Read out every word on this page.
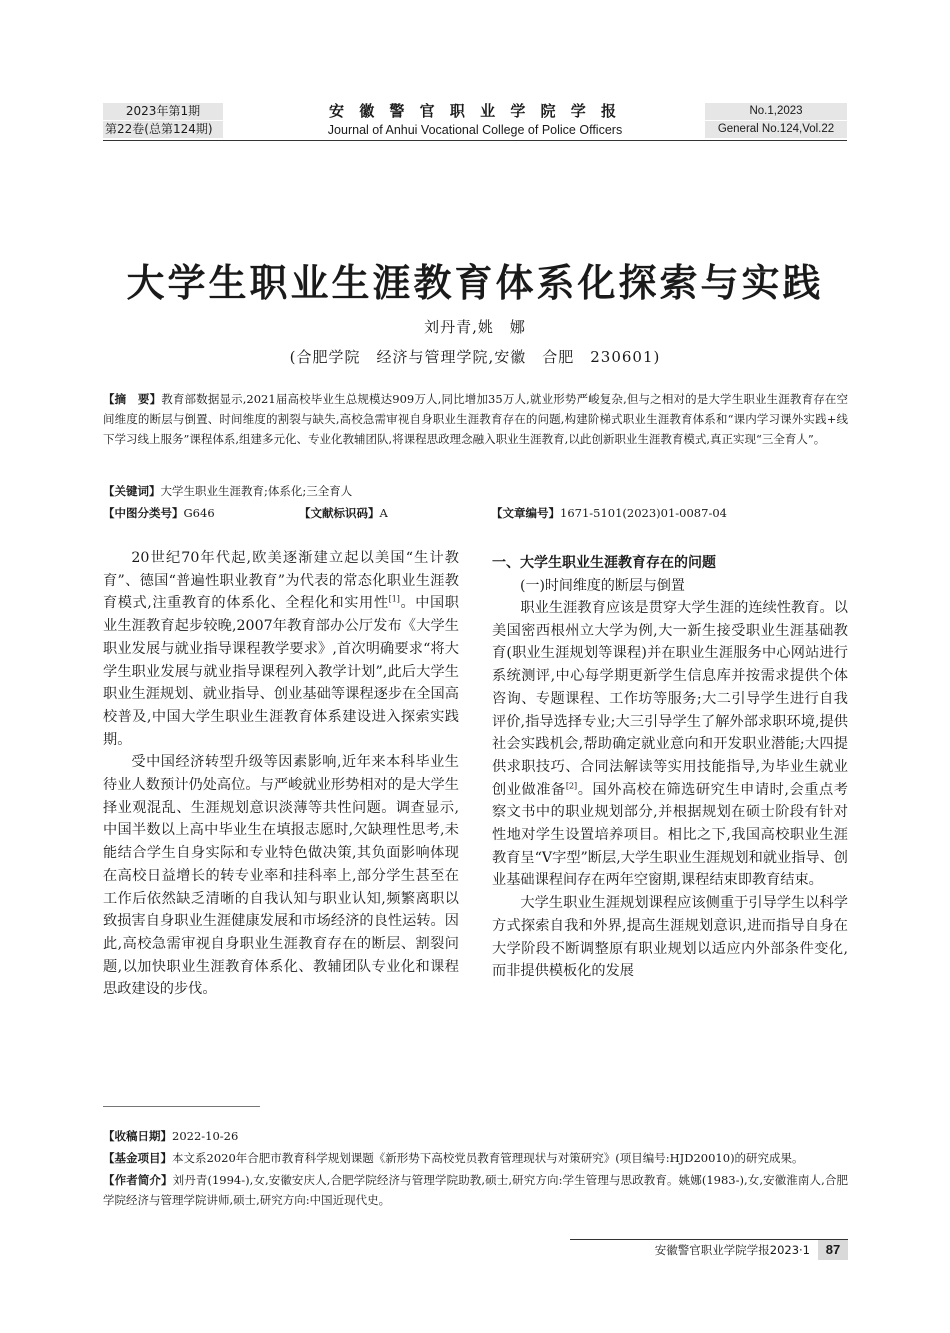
2023年第1期
第22卷(总第124期)
安 徽 警 官 职 业 学 院 学 报
Journal of Anhui Vocational College of Police Officers
No.1,2023
General No.124,Vol.22
大学生职业生涯教育体系化探索与实践
刘丹青,姚　娜
(合肥学院　经济与管理学院,安徽　合肥　230601)
【摘　要】教育部数据显示,2021届高校毕业生总规模达909万人,同比增加35万人,就业形势严峻复杂,但与之相对的是大学生职业生涯教育存在空间维度的断层与倒置、时间维度的割裂与缺失,高校急需审视自身职业生涯教育存在的问题,构建阶梯式职业生涯教育体系和“课内学习课外实践+线下学习线上服务”课程体系,组建多元化、专业化教辅团队,将课程思政理念融入职业生涯教育,以此创新职业生涯教育模式,真正实现“三全育人”。
【关键词】大学生职业生涯教育;体系化;三全育人
【中图分类号】G646	【文献标识码】A	【文章编号】1671-5101(2023)01-0087-04

20世纪70年代起,欧美逐渐建立起以美国“生计教育”、德国“普遍性职业教育”为代表的常态化职业生涯教育模式,注重教育的体系化、全程化和实用性[1]。中国职业生涯教育起步较晚,2007年教育部办公厅发布《大学生职业发展与就业指导课程教学要求》,首次明确要求“将大学生职业发展与就业指导课程列入教学计划”,此后大学生职业生涯规划、就业指导、创业基础等课程逐步在全国高校普及,中国大学生职业生涯教育体系建设进入探索实践期。

受中国经济转型升级等因素影响,近年来本科毕业生待业人数预计仍处高位。与严峻就业形势相对的是大学生择业观混乱、生涯规划意识淡薄等共性问题。调查显示,中国半数以上高中毕业生在填报志愿时,欠缺理性思考,未能结合学生自身实际和专业特色做决策,其负面影响体现在高校日益增长的转专业率和挂科率上,部分学生甚至在工作后依然缺乏清晰的自我认知与职业认知,频繁离职以致损害自身职业生涯健康发展和市场经济的良性运转。因此,高校急需审视自身职业生涯教育存在的断层、割裂问题,以加快职业生涯教育体系化、教辅团队专业化和课程思政建设的步伐。

一、大学生职业生涯教育存在的问题
(一)时间维度的断层与倒置

职业生涯教育应该是贯穿大学生涯的连续性教育。以美国密西根州立大学为例,大一新生接受职业生涯基础教育(职业生涯规划等课程)并在职业生涯服务中心网站进行系统测评,中心每学期更新学生信息库并按需求提供个体咨询、专题课程、工作坊等服务;大二引导学生进行自我评价,指导选择专业;大三引导学生了解外部求职环境,提供社会实践机会,帮助确定就业意向和开发职业潜能;大四提供求职技巧、合同法解读等实用技能指导,为毕业生就业创业做准备[2]。国外高校在筛选研究生申请时,会重点考察文书中的职业规划部分,并根据规划在硕士阶段有针对性地对学生设置培养项目。相比之下,我国高校职业生涯教育呈“V字型”断层,大学生职业生涯规划和就业指导、创业基础课程间存在两年空窗期,课程结束即教育结束。

大学生职业生涯规划课程应该侧重于引导学生以科学方式探索自我和外界,提高生涯规划意识,进而指导自身在大学阶段不断调整原有职业规划以适应内外部条件变化,而非提供模板化的发展

【收稿日期】2022-10-26
【基金项目】本文系2020年合肥市教育科学规划课题《新形势下高校党员教育管理现状与对策研究》(项目编号:HJD20010)的研究成果。
【作者简介】刘丹青(1994-),女,安徽安庆人,合肥学院经济与管理学院助教,硕士,研究方向:学生管理与思政教育。姚娜(1983-),女,安徽淮南人,合肥学院经济与管理学院讲师,硕士,研究方向:中国近现代史。
安徽警官职业学院学报2023·1	87
